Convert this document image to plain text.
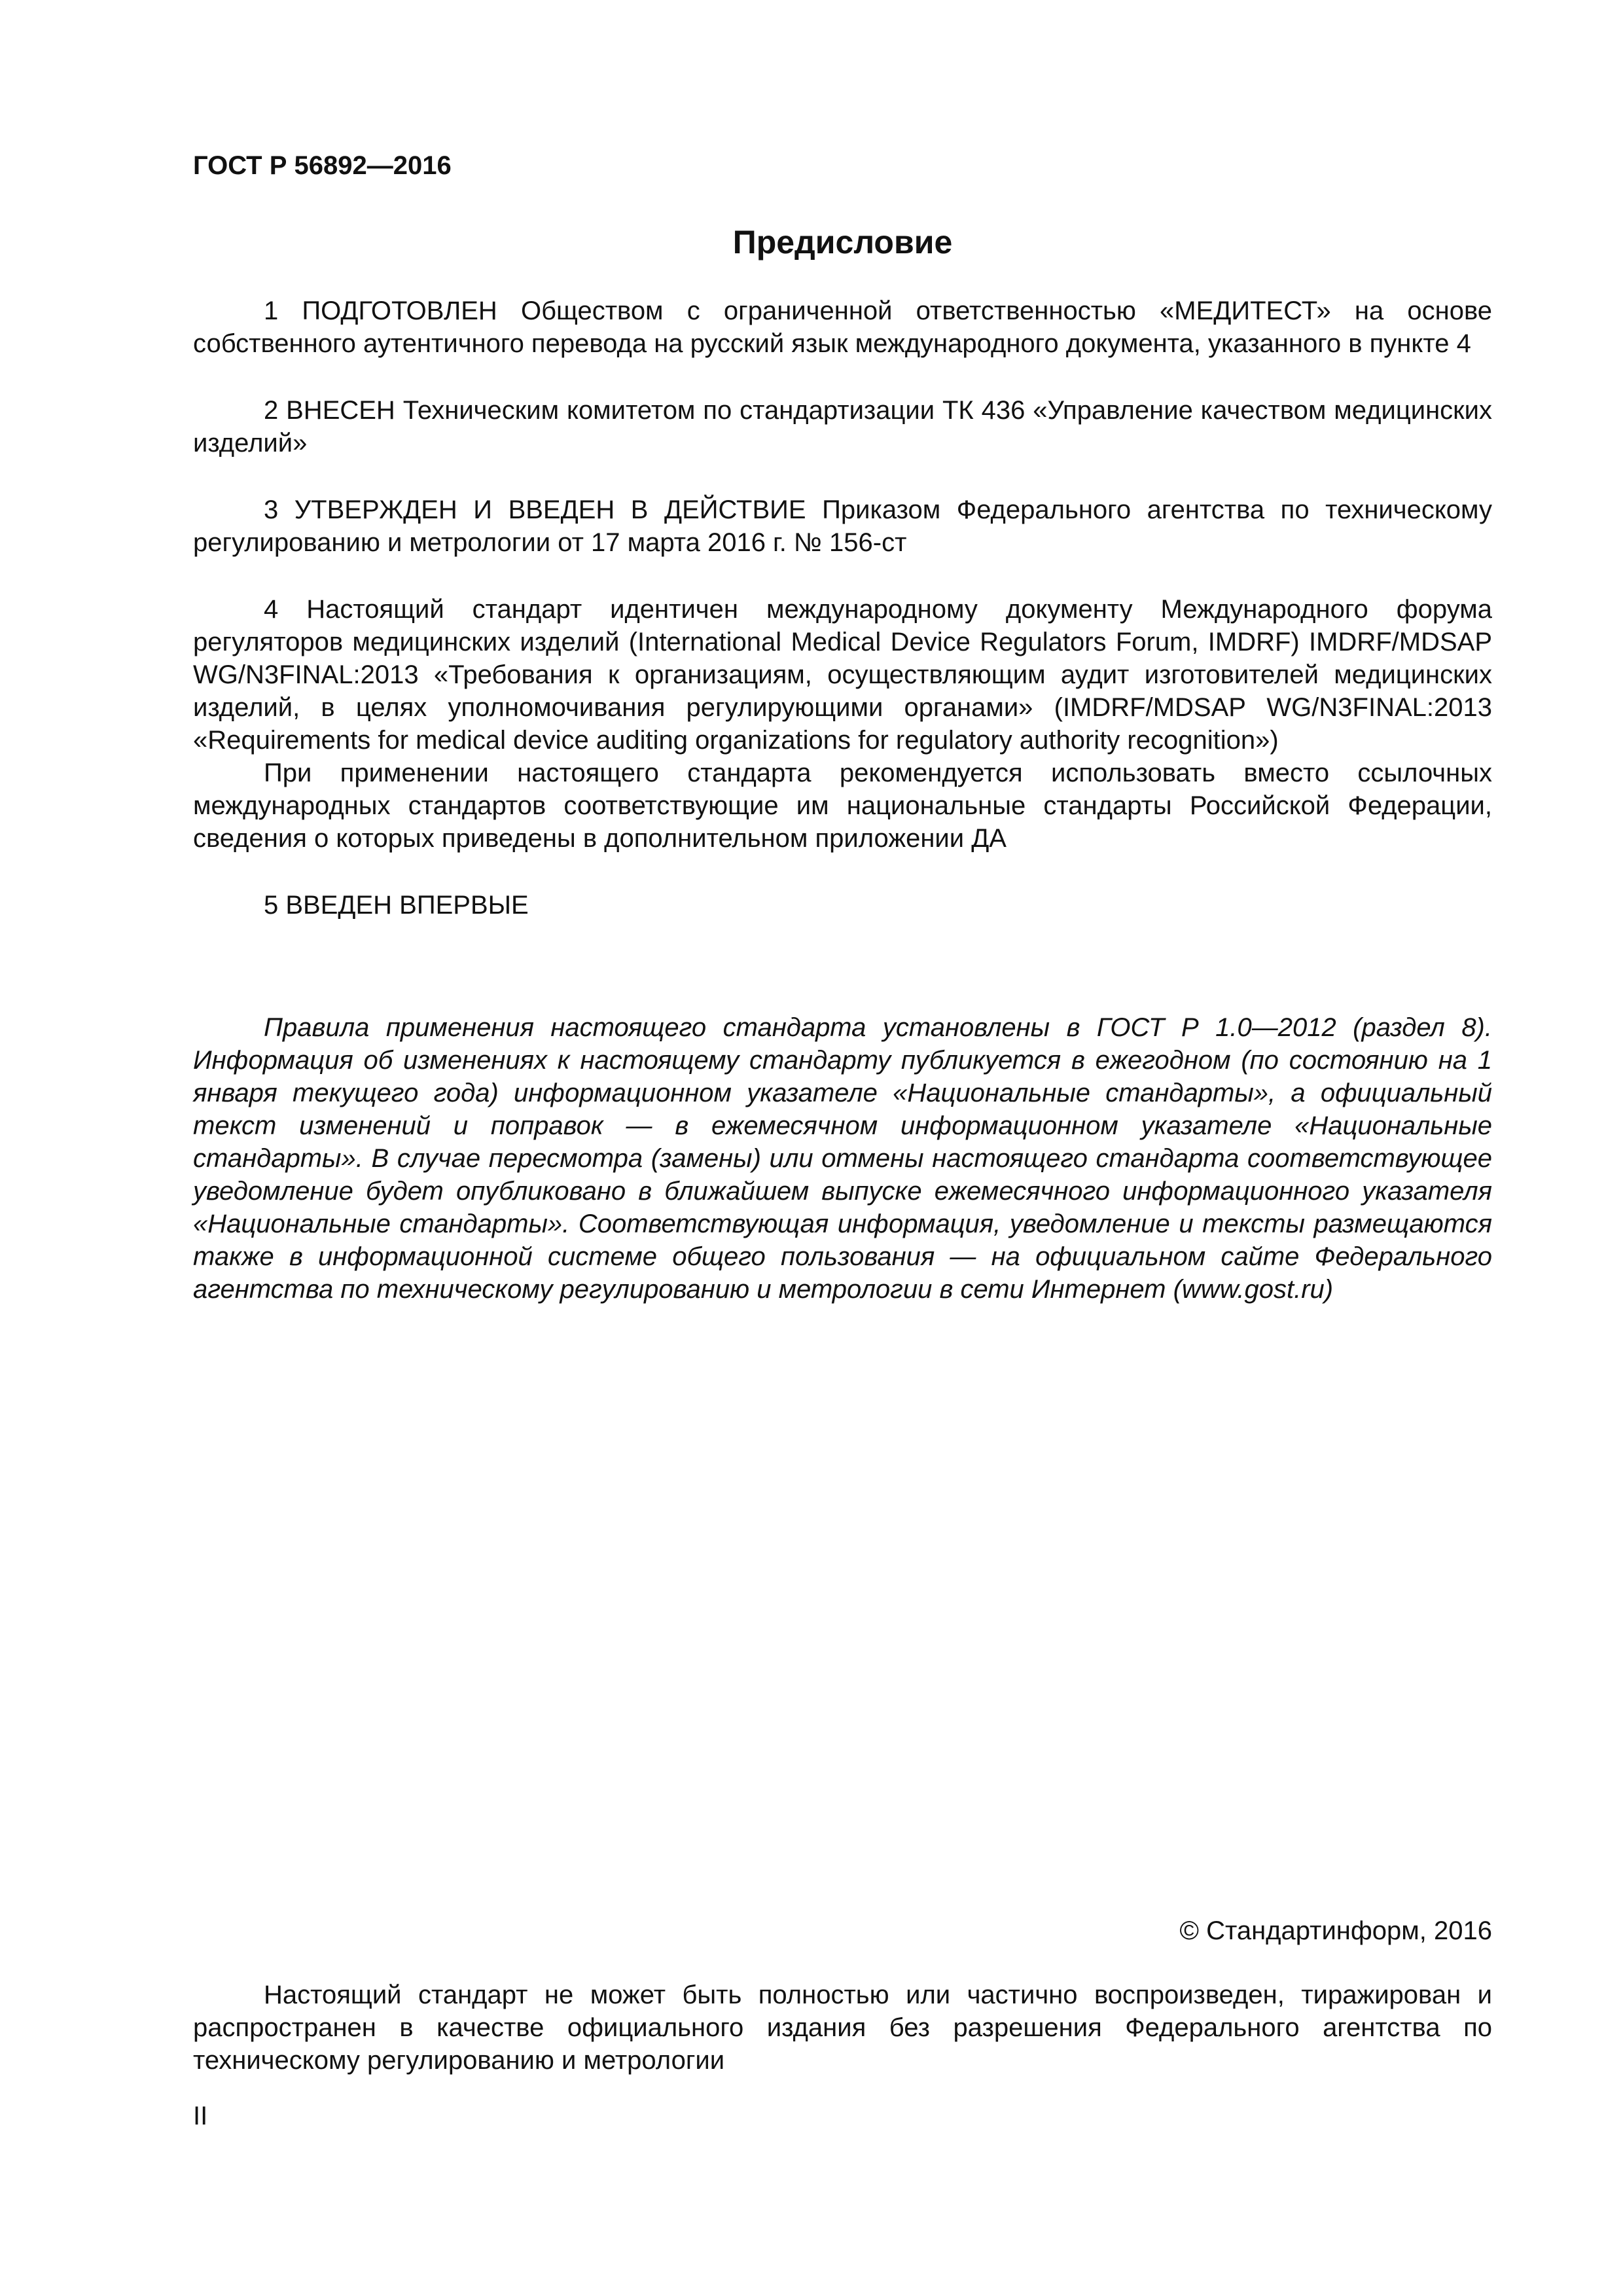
ГОСТ Р 56892—2016
Предисловие

1 ПОДГОТОВЛЕН Обществом с ограниченной ответственностью «МЕДИТЕСТ» на основе собственного аутентичного перевода на русский язык международного документа, указанного в пункте 4

2 ВНЕСЕН Техническим комитетом по стандартизации ТК 436 «Управление качеством медицинских изделий»

3 УТВЕРЖДЕН И ВВЕДЕН В ДЕЙСТВИЕ Приказом Федерального агентства по техническому регулированию и метрологии от 17 марта 2016 г. № 156-ст

4 Настоящий стандарт идентичен международному документу Международного форума регуляторов медицинских изделий (International Medical Device Regulators Forum, IMDRF) IMDRF/MDSAP WG/N3FINAL:2013 «Требования к организациям, осуществляющим аудит изготовителей медицинских изделий, в целях уполномочивания регулирующими органами» (IMDRF/MDSAP WG/N3FINAL:2013 «Requirements for medical device auditing organizations for regulatory authority recognition»)

При применении настоящего стандарта рекомендуется использовать вместо ссылочных международных стандартов соответствующие им национальные стандарты Российской Федерации, сведения о которых приведены в дополнительном приложении ДА

5 ВВЕДЕН ВПЕРВЫЕ

Правила применения настоящего стандарта установлены в ГОСТ Р 1.0—2012 (раздел 8). Информация об изменениях к настоящему стандарту публикуется в ежегодном (по состоянию на 1 января текущего года) информационном указателе «Национальные стандарты», а официальный текст изменений и поправок — в ежемесячном информационном указателе «Национальные стандарты». В случае пересмотра (замены) или отмены настоящего стандарта соответствующее уведомление будет опубликовано в ближайшем выпуске ежемесячного информационного указателя «Национальные стандарты». Соответствующая информация, уведомление и тексты размещаются также в информационной системе общего пользования — на официальном сайте Федерального агентства по техническому регулированию и метрологии в сети Интернет (www.gost.ru)

© Стандартинформ, 2016

Настоящий стандарт не может быть полностью или частично воспроизведен, тиражирован и распространен в качестве официального издания без разрешения Федерального агентства по техническому регулированию и метрологии

II
